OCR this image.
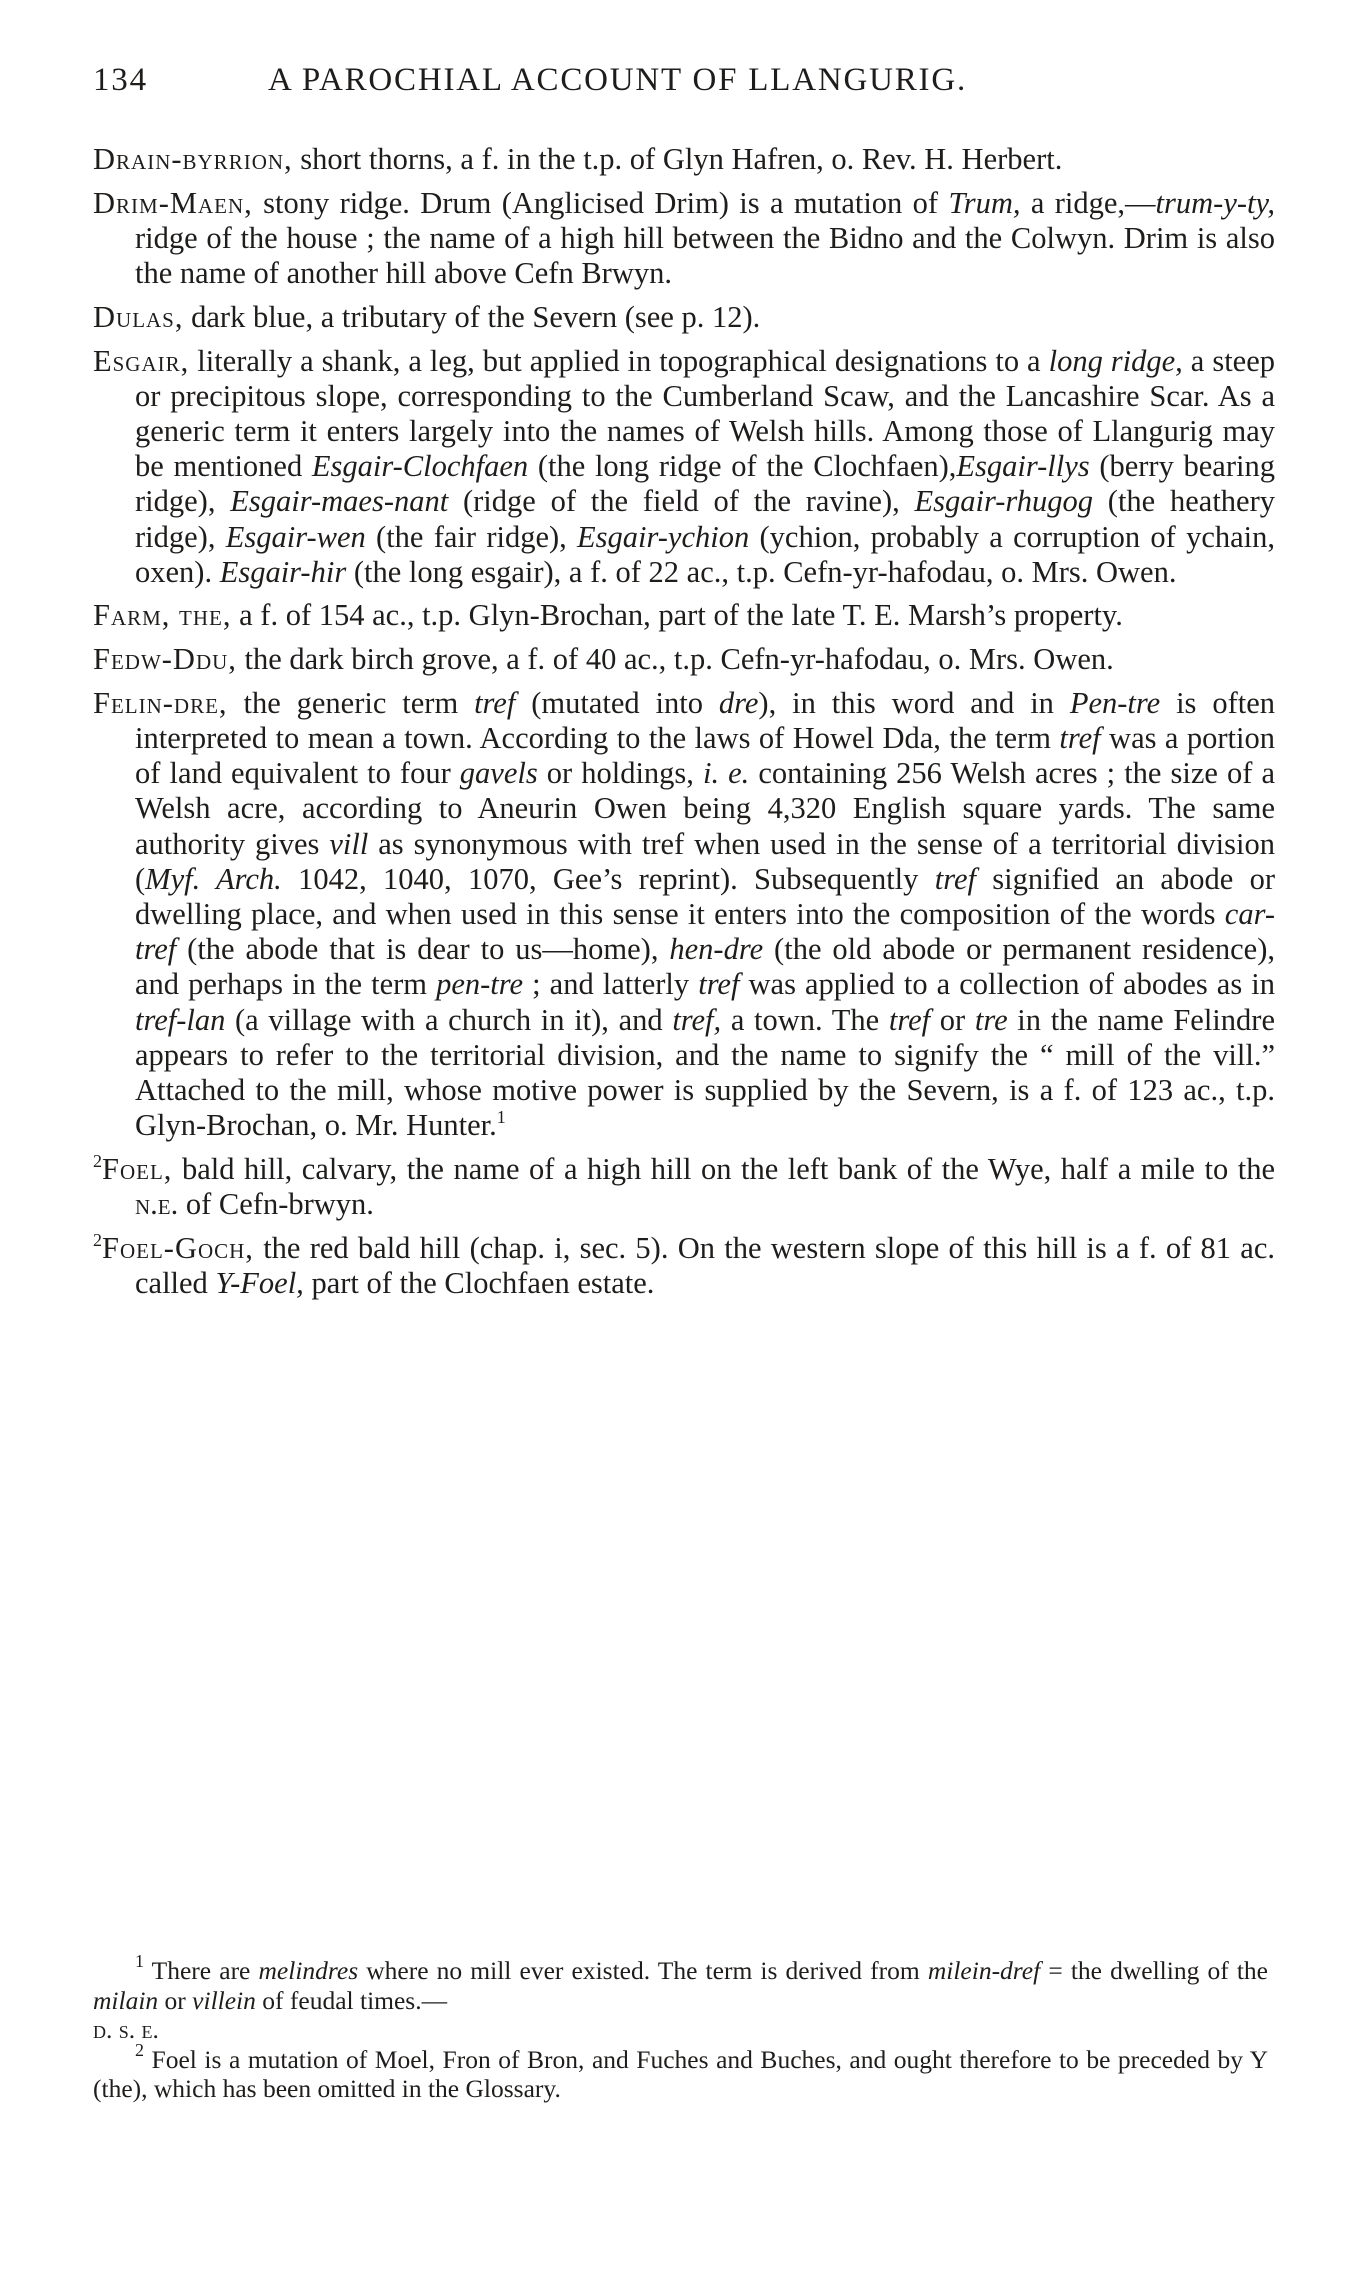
134	A PAROCHIAL ACCOUNT OF LLANGURIG.

Drain-byrrion, short thorns, a f. in the t.p. of Glyn Hafren, o. Rev. H. Herbert.

Drim-Maen, stony ridge. Drum (Anglicised Drim) is a mutation of Trum, a ridge,—trum-y-ty, ridge of the house ; the name of a high hill between the Bidno and the Colwyn. Drim is also the name of another hill above Cefn Brwyn.

Dulas, dark blue, a tributary of the Severn (see p. 12).

Esgair, literally a shank, a leg, but applied in topographical designations to a long ridge, a steep or precipitous slope, corresponding to the Cumberland Scaw, and the Lancashire Scar. As a generic term it enters largely into the names of Welsh hills. Among those of Llangurig may be mentioned Esgair-Clochfaen (the long ridge of the Clochfaen),Esgair-llys (berry bearing ridge), Esgair-maes-nant (ridge of the field of the ravine), Esgair-rhugog (the heathery ridge), Esgair-wen (the fair ridge), Esgair-ychion (ychion, probably a corruption of ychain, oxen). Esgair-hir (the long esgair), a f. of 22 ac., t.p. Cefn-yr-hafodau, o. Mrs. Owen.

Farm, the, a f. of 154 ac., t.p. Glyn-Brochan, part of the late T. E. Marsh’s property.

Fedw-Ddu, the dark birch grove, a f. of 40 ac., t.p. Cefn-yr-hafodau, o. Mrs. Owen.

Felin-dre, the generic term tref (mutated into dre), in this word and in Pen-tre is often interpreted to mean a town. According to the laws of Howel Dda, the term tref was a portion of land equivalent to four gavels or holdings, i. e. containing 256 Welsh acres ; the size of a Welsh acre, according to Aneurin Owen being 4,320 English square yards. The same authority gives vill as synonymous with tref when used in the sense of a territorial division (Myf. Arch. 1042, 1040, 1070, Gee’s reprint). Subsequently tref signified an abode or dwelling place, and when used in this sense it enters into the composition of the words car-tref (the abode that is dear to us—home), hen-dre (the old abode or permanent residence), and perhaps in the term pen-tre ; and latterly tref was applied to a collection of abodes as in tref-lan (a village with a church in it), and tref, a town. The tref or tre in the name Felindre appears to refer to the territorial division, and the name to signify the “ mill of the vill.” Attached to the mill, whose motive power is supplied by the Severn, is a f. of 123 ac., t.p. Glyn-Brochan, o. Mr. Hunter.$^1$

$^2$Foel, bald hill, calvary, the name of a high hill on the left bank of the Wye, half a mile to the n.e. of Cefn-brwyn.

$^2$Foel-Goch, the red bald hill (chap. i, sec. 5). On the western slope of this hill is a f. of 81 ac. called Y-Foel, part of the Clochfaen estate.

$^1$ There are melindres where no mill ever existed. The term is derived from milein-dref = the dwelling of the milain or villein of feudal times.—
d. s. e.

$^2$ Foel is a mutation of Moel, Fron of Bron, and Fuches and Buches, and ought therefore to be preceded by Y (the), which has been omitted in the Glossary.
